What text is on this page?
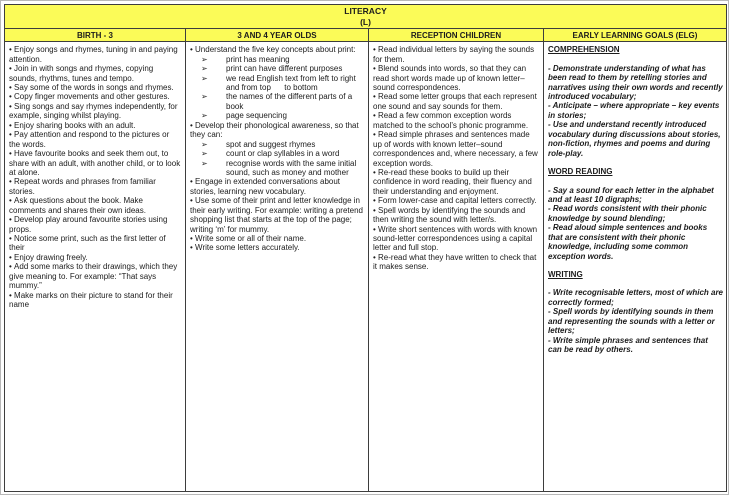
LITERACY
(L)			

BIRTH - 3	3 AND 4 YEAR OLDS	RECEPTION CHILDREN	EARLY LEARNING GOALS (ELG)

• Enjoy songs and rhymes, tuning in and paying attention.
• Join in with songs and rhymes, copying sounds, rhythms, tunes and tempo.
• Say some of the words in songs and rhymes.
• Copy finger movements and other gestures.
• Sing songs and say rhymes independently, for example, singing whilst playing.
• Enjoy sharing books with an adult.
• Pay attention and respond to the pictures or the words.
• Have favourite books and seek them out, to share with an adult, with another child, or to look at alone.
• Repeat words and phrases from familiar stories.
• Ask questions about the book. Make comments and shares their own ideas.
• Develop play around favourite stories using props.
• Notice some print, such as the first letter of their
• Enjoy drawing freely.
• Add some marks to their drawings, which they give meaning to. For example: “That says mummy.”
• Make marks on their picture to stand for their name

• Understand the five key concepts about print:
➢	print has meaning
➢	print can have different purposes
➢	we read English text from left to right and from top      to bottom
➢	the names of the different parts of a book
➢	page sequencing
• Develop their phonological awareness, so that they can:
➢	spot and suggest rhymes
➢	count or clap syllables in a word
➢	recognise words with the same initial sound, such as money and mother
• Engage in extended conversations about stories, learning new vocabulary.
• Use some of their print and letter knowledge in their early writing. For example: writing a pretend shopping list that starts at the top of the page; writing ‘m’ for mummy.
• Write some or all of their name.
• Write some letters accurately.

• Read individual letters by saying the sounds for them.
• Blend sounds into words, so that they can read short words made up of known letter– sound correspondences.
• Read some letter groups that each represent one sound and say sounds for them.
• Read a few common exception words matched to the school’s phonic programme.
• Read simple phrases and sentences made up of words with known letter–sound correspondences and, where necessary, a few exception words.
• Re-read these books to build up their confidence in word reading, their fluency and their understanding and enjoyment.
• Form lower-case and capital letters correctly.
• Spell words by identifying the sounds and then writing the sound with letter/s.
• Write short sentences with words with known sound-letter correspondences using a capital letter and full stop.
• Re-read what they have written to check that it makes sense.

COMPREHENSION
- Demonstrate understanding of what has been read to them by retelling stories and narratives using their own words and recently introduced vocabulary;
- Anticipate – where appropriate – key events in stories;
- Use and understand recently introduced vocabulary during discussions about stories, non-fiction, rhymes and poems and during role-play.
WORD READING
- Say a sound for each letter in the alphabet and at least 10 digraphs;
- Read words consistent with their phonic knowledge by sound blending;
- Read aloud simple sentences and books that are consistent with their phonic knowledge, including some common exception words.
WRITING
- Write recognisable letters, most of which are correctly formed;
- Spell words by identifying sounds in them and representing the sounds with a letter or letters;
- Write simple phrases and sentences that can be read by others.
